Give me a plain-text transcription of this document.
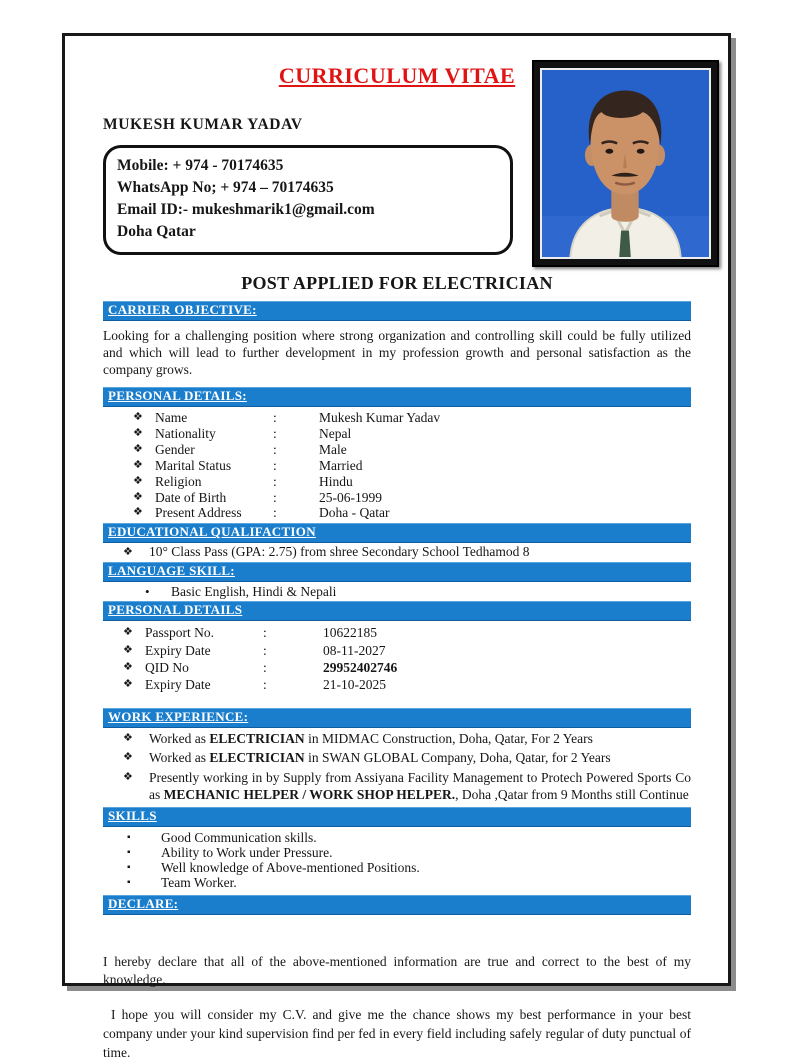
CURRICULUM VITAE
MUKESH KUMAR YADAV
Mobile: + 974 - 70174635
WhatsApp No; + 974 – 70174635
Email ID:- mukeshmarik1@gmail.com
Doha Qatar
POST APPLIED FOR ELECTRICIAN
CARRIER OBJECTIVE:
Looking for a challenging position where strong organization and controlling skill could be fully utilized and which will lead to further development in my profession growth and personal satisfaction as the company grows.
PERSONAL DETAILS:
❖ Name	:	Mukesh Kumar Yadav
❖ Nationality	:	Nepal
❖ Gender	:	Male
❖ Marital Status	:	Married
❖ Religion	:	Hindu
❖ Date of Birth	:	25-06-1999
❖ Present Address	:	Doha - Qatar
EDUCATIONAL QUALIFACTION
❖	10° Class Pass (GPA: 2.75) from shree Secondary School Tedhamod 8
LANGUAGE SKILL:
•	Basic English, Hindi & Nepali
PERSONAL DETAILS
❖ Passport No.	:	10622185
❖ Expiry Date	:	08-11-2027
❖ QID No	:	29952402746
❖ Expiry Date	:	21-10-2025
WORK EXPERIENCE:
❖	Worked as ELECTRICIAN in MIDMAC Construction, Doha, Qatar, For 2 Years
❖	Worked as ELECTRICIAN in SWAN GLOBAL Company, Doha, Qatar, for 2 Years
❖	Presently working in by Supply from Assiyana Facility Management to Protech Powered Sports Co as MECHANIC HELPER / WORK SHOP HELPER., Doha ,Qatar from 9 Months still Continue
SKILLS
▪	Good Communication skills.
▪	Ability to Work under Pressure.
▪	Well knowledge of Above-mentioned Positions.
▪	Team Worker.
DECLARE:
I hereby declare that all of the above-mentioned information are true and correct to the best of my knowledge.
I hope you will consider my C.V. and give me the chance shows my best performance in your best company under your kind supervision find per fed in every field including safely regular of duty punctual of time.
